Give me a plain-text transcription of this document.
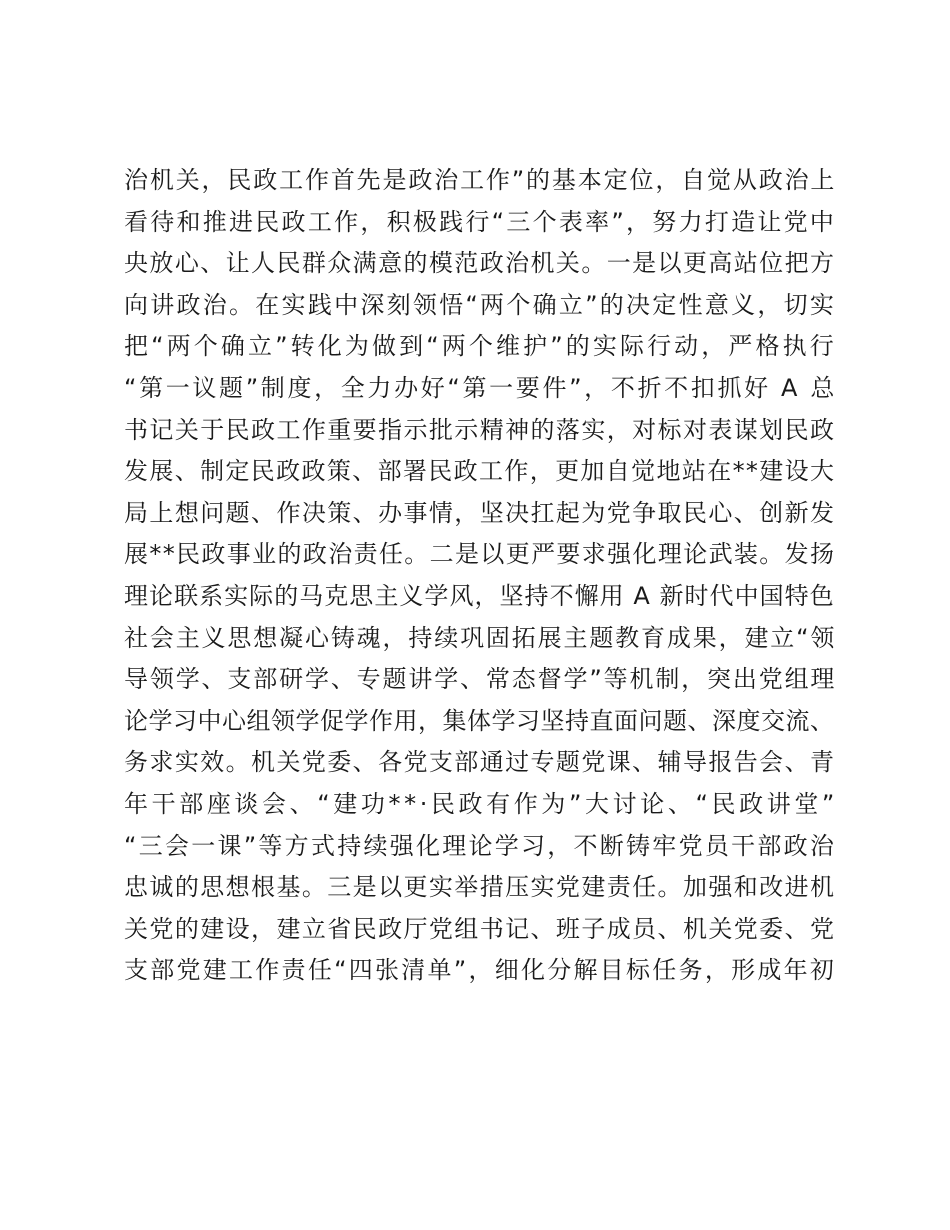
治机关，民政工作首先是政治工作”的基本定位，自觉从政治上
看待和推进民政工作，积极践行“三个表率”，努力打造让党中
央放心、让人民群众满意的模范政治机关。一是以更高站位把方
向讲政治。在实践中深刻领悟“两个确立”的决定性意义，切实
把“两个确立”转化为做到“两个维护”的实际行动，严格执行
“第一议题”制度，全力办好“第一要件”，不折不扣抓好 A 总
书记关于民政工作重要指示批示精神的落实，对标对表谋划民政
发展、制定民政政策、部署民政工作，更加自觉地站在**建设大
局上想问题、作决策、办事情，坚决扛起为党争取民心、创新发
展**民政事业的政治责任。二是以更严要求强化理论武装。发扬
理论联系实际的马克思主义学风，坚持不懈用 A 新时代中国特色
社会主义思想凝心铸魂，持续巩固拓展主题教育成果，建立“领
导领学、支部研学、专题讲学、常态督学”等机制，突出党组理
论学习中心组领学促学作用，集体学习坚持直面问题、深度交流、
务求实效。机关党委、各党支部通过专题党课、辅导报告会、青
年干部座谈会、“建功**·民政有作为”大讨论、“民政讲堂”
“三会一课”等方式持续强化理论学习，不断铸牢党员干部政治
忠诚的思想根基。三是以更实举措压实党建责任。加强和改进机
关党的建设，建立省民政厅党组书记、班子成员、机关党委、党
支部党建工作责任“四张清单”，细化分解目标任务，形成年初
